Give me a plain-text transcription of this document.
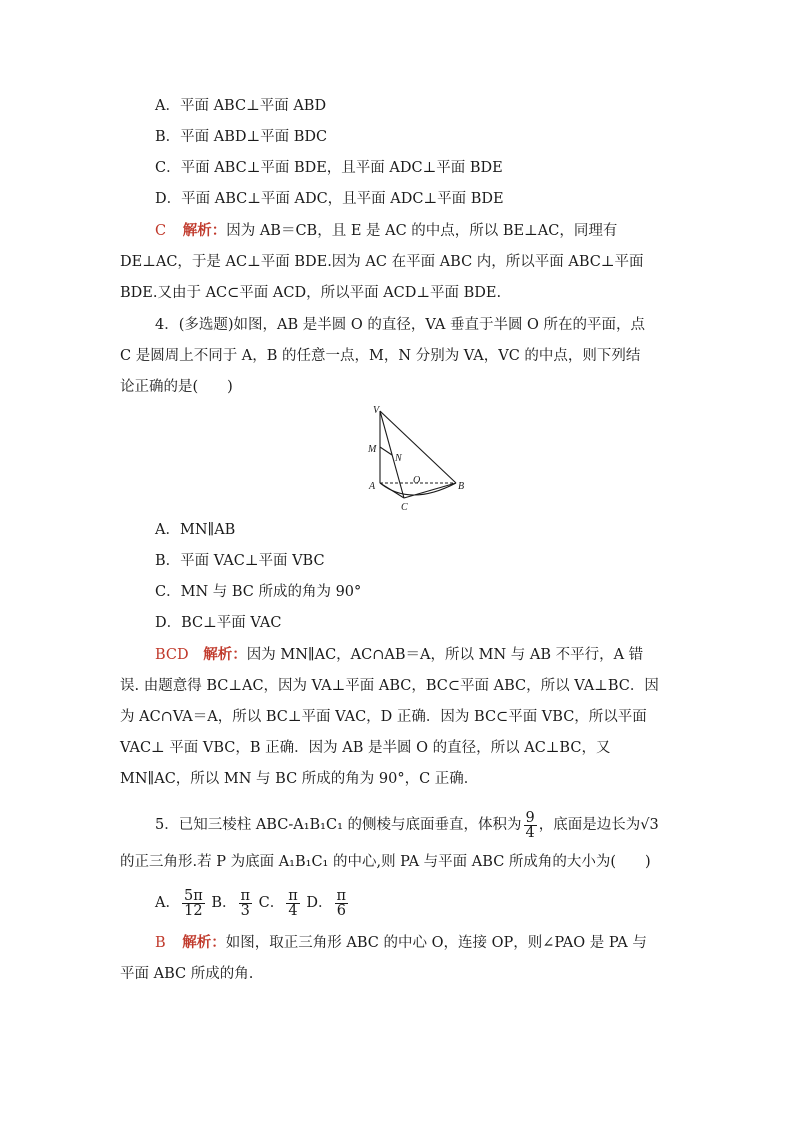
A．平面 ABC⊥平面 ABD
B．平面 ABD⊥平面 BDC
C．平面 ABC⊥平面 BDE，且平面 ADC⊥平面 BDE
D．平面 ABC⊥平面 ADC，且平面 ADC⊥平面 BDE
C 解析：因为 AB＝CB，且 E 是 AC 的中点，所以 BE⊥AC，同理有
DE⊥AC，于是 AC⊥平面 BDE.因为 AC 在平面 ABC 内，所以平面 ABC⊥平面
BDE.又由于 AC⊂平面 ACD，所以平面 ACD⊥平面 BDE.
4．(多选题)如图，AB 是半圆 O 的直径，VA 垂直于半圆 O 所在的平面，点
C 是圆周上不同于 A，B 的任意一点，M，N 分别为 VA，VC 的中点，则下列结
论正确的是(　　)
V
M
N
O
A	B
C
A．MN∥AB
B．平面 VAC⊥平面 VBC
C．MN 与 BC 所成的角为 90°
D．BC⊥平面 VAC
BCD 解析：因为 MN∥AC，AC∩AB＝A，所以 MN 与 AB 不平行，A 错
误. 由题意得 BC⊥AC，因为 VA⊥平面 ABC，BC⊂平面 ABC，所以 VA⊥BC．因
为 AC∩VA＝A，所以 BC⊥平面 VAC，D 正确．因为 BC⊂平面 VBC，所以平面
VAC⊥ 平面 VBC，B 正确．因为 AB 是半圆 O 的直径，所以 AC⊥BC，又
MN∥AC，所以 MN 与 BC 所成的角为 90°，C 正确．
5．已知三棱柱 ABC-A₁B₁C₁ 的侧棱与底面垂直，体积为 $\frac{9}{4}$ ，底面是边长为√3
的正三角形.若 P 为底面 A₁B₁C₁ 的中心,则 PA 与平面 ABC 所成角的大小为(　　)
A． $\frac{5\pi}{12}$ B． $\frac{\pi}{3}$ C． $\frac{\pi}{4}$ D． $\frac{\pi}{6}$
B 解析：如图，取正三角形 ABC 的中心 O，连接 OP，则∠PAO 是 PA 与
平面 ABC 所成的角.
